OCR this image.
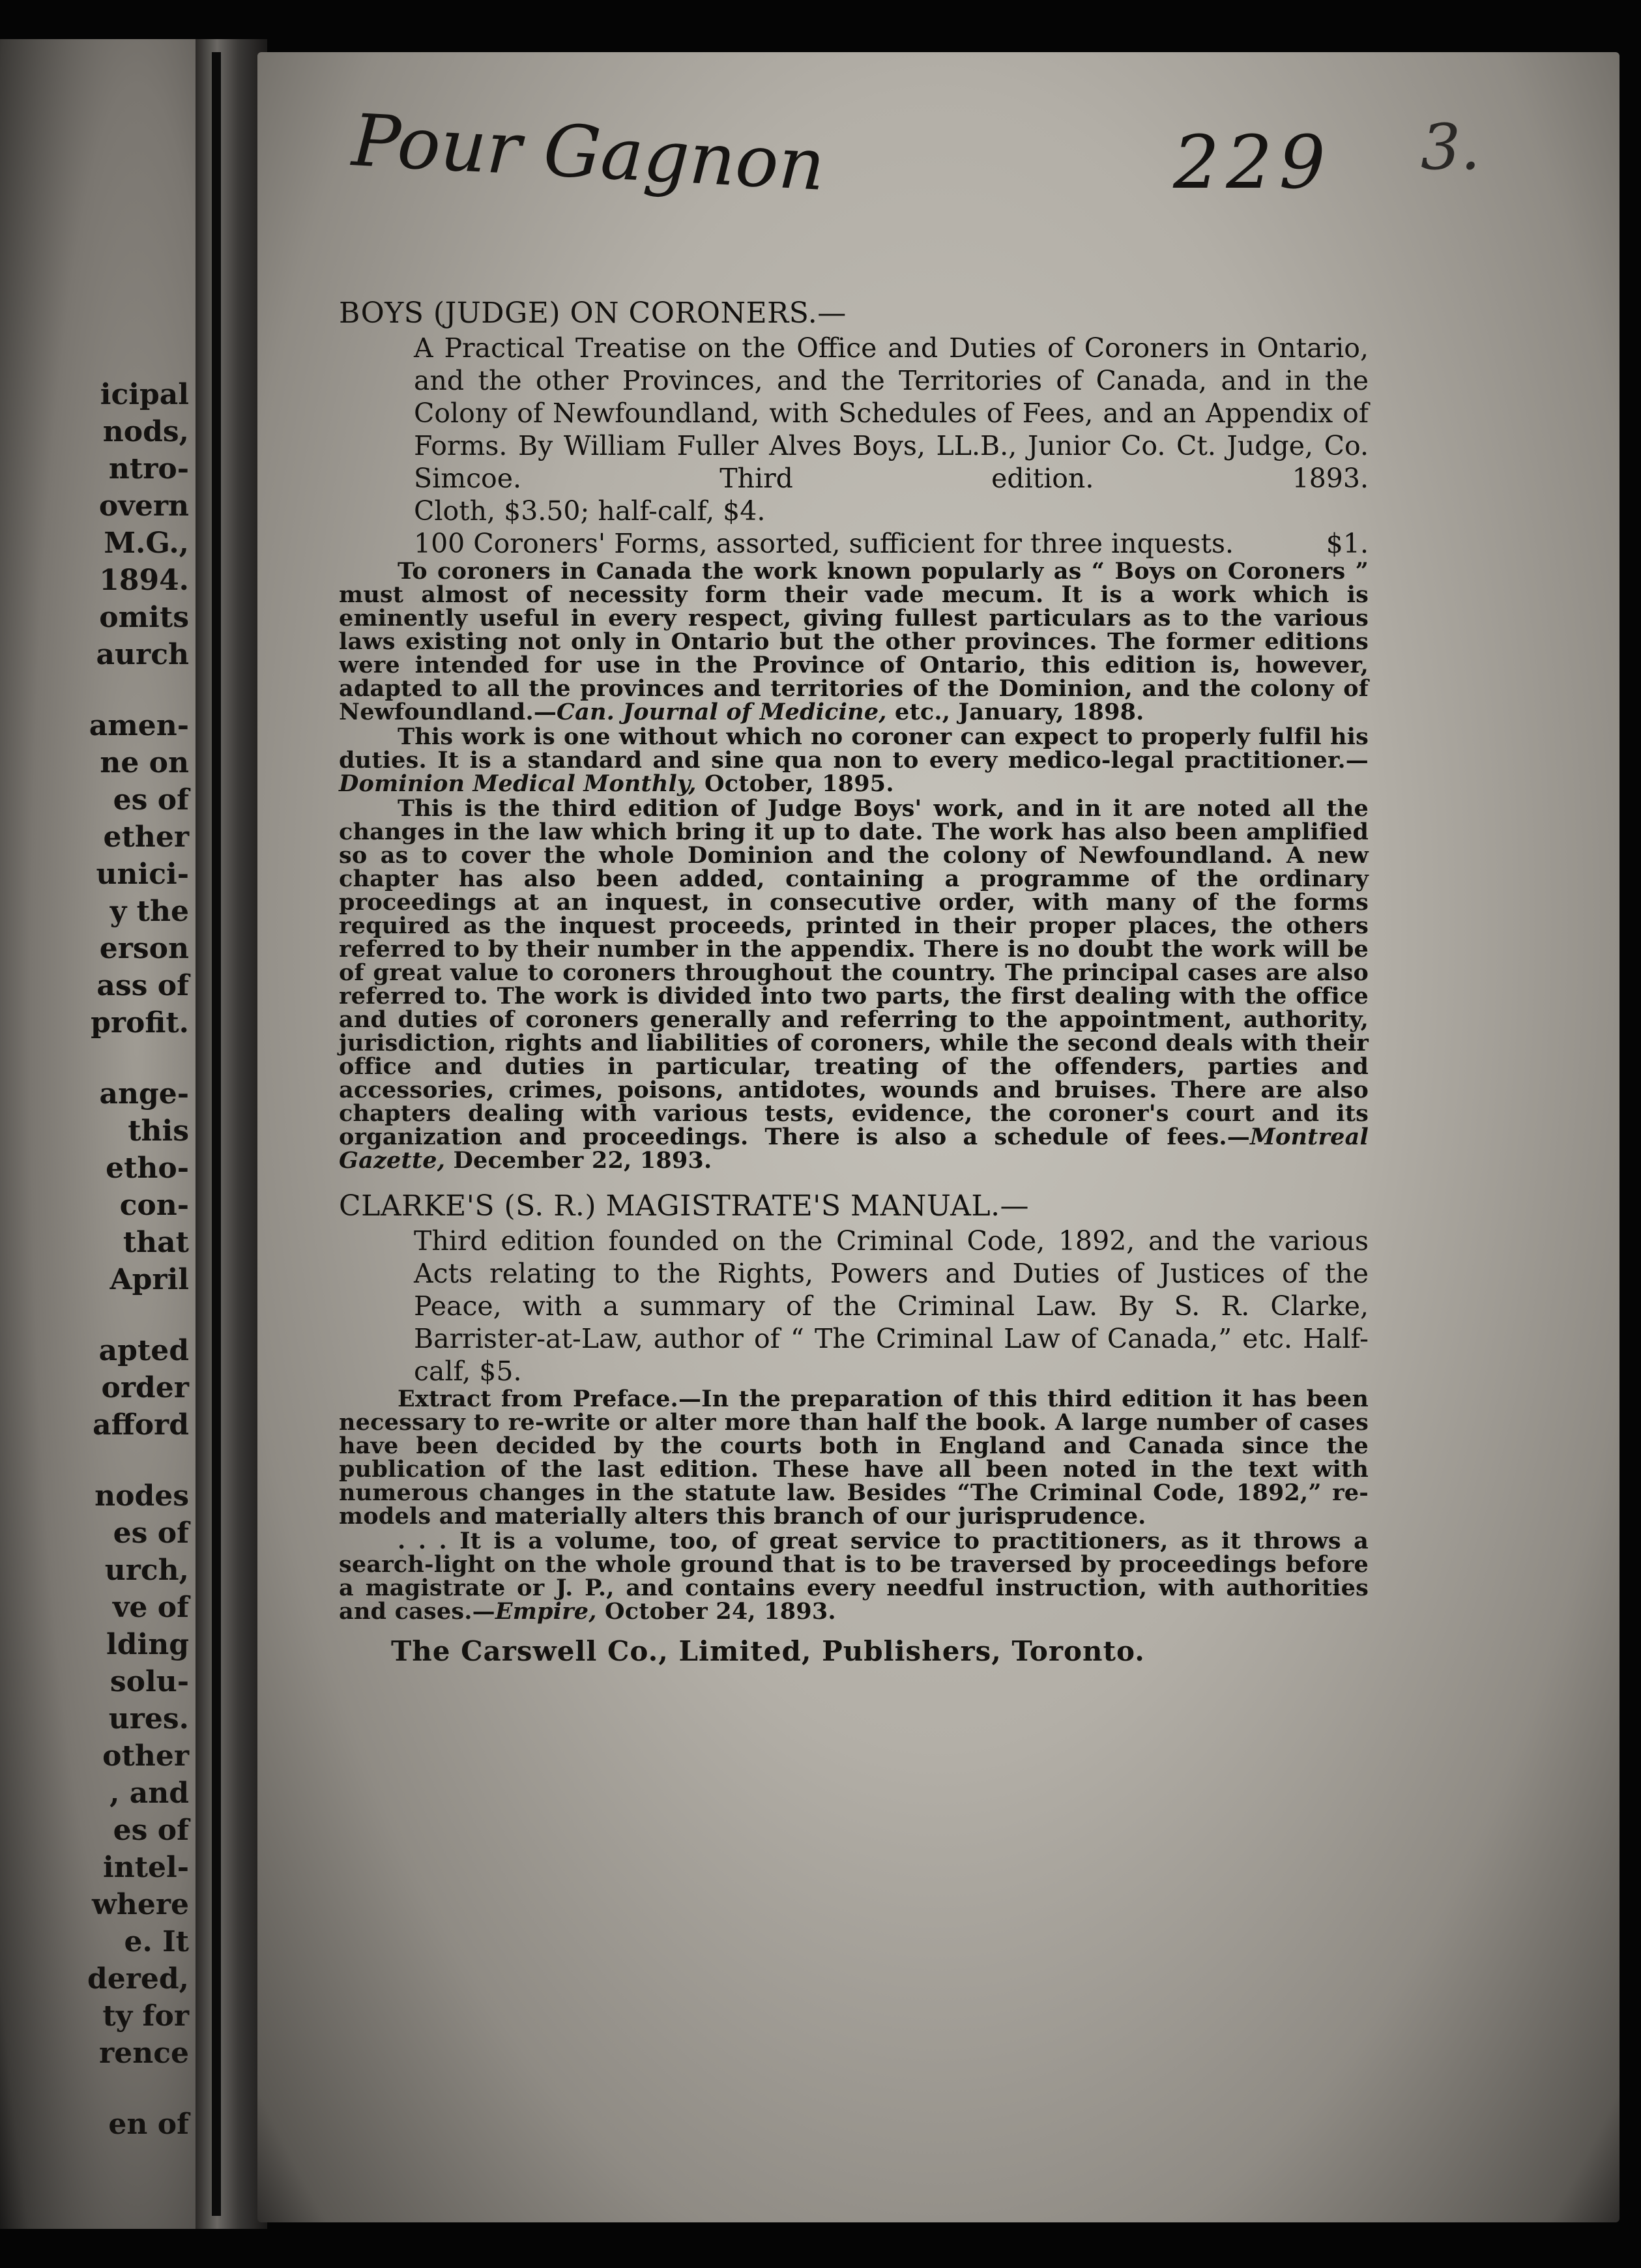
icipal
nods,
ntro-
overn
M.G.,
1894.
omits
aurch
amen-
ne on
es of
ether
unici-
y the
erson
ass of
profit.
ange-
this
etho-
con-
that
April
apted
order
afford
nodes
es of
urch,
ve of
lding
solu-
ures.
other
, and
es of
intel-
where
e. It
dered,
ty for
rence
en of
Pour Gagnon	229 3.
BOYS (JUDGE) ON CORONERS.—

A Practical Treatise on the Office and Duties of Coroners in Ontario, and the other Provinces, and the Territories of Canada, and in the Colony of Newfoundland, with Schedules of Fees, and an Appendix of Forms. By William Fuller Alves Boys, LL.B., Junior Co. Ct. Judge, Co. Simcoe. Third edition. 1893.

Cloth, $3.50; half-calf, $4.

100 Coroners' Forms, assorted, sufficient for three inquests.	$1.

To coroners in Canada the work known popularly as “ Boys on Coroners ” must almost of necessity form their vade mecum. It is a work which is eminently useful in every respect, giving fullest particulars as to the various laws existing not only in Ontario but the other provinces. The former editions were intended for use in the Province of Ontario, this edition is, however, adapted to all the provinces and territories of the Dominion, and the colony of Newfoundland.—Can. Journal of Medicine, etc., January, 1898.

This work is one without which no coroner can expect to properly fulfil his duties. It is a standard and sine qua non to every medico-legal practitioner.—Dominion Medical Monthly, October, 1895.

This is the third edition of Judge Boys' work, and in it are noted all the changes in the law which bring it up to date. The work has also been amplified so as to cover the whole Dominion and the colony of Newfoundland. A new chapter has also been added, containing a programme of the ordinary proceedings at an inquest, in consecutive order, with many of the forms required as the inquest proceeds, printed in their proper places, the others referred to by their number in the appendix. There is no doubt the work will be of great value to coroners throughout the country. The principal cases are also referred to. The work is divided into two parts, the first dealing with the office and duties of coroners generally and referring to the appointment, authority, jurisdiction, rights and liabilities of coroners, while the second deals with their office and duties in particular, treating of the offenders, parties and accessories, crimes, poisons, antidotes, wounds and bruises. There are also chapters dealing with various tests, evidence, the coroner's court and its organization and proceedings. There is also a schedule of fees.—Montreal Gazette, December 22, 1893.

CLARKE'S (S. R.) MAGISTRATE'S MANUAL.—

Third edition founded on the Criminal Code, 1892, and the various Acts relating to the Rights, Powers and Duties of Justices of the Peace, with a summary of the Criminal Law. By S. R. Clarke, Barrister-at-Law, author of “ The Criminal Law of Canada,” etc. Half-calf, $5.

Extract from Preface.—In the preparation of this third edition it has been necessary to re-write or alter more than half the book. A large number of cases have been decided by the courts both in England and Canada since the publication of the last edition. These have all been noted in the text with numerous changes in the statute law. Besides “The Criminal Code, 1892,” re-models and materially alters this branch of our jurisprudence.

. . . It is a volume, too, of great service to practitioners, as it throws a search-light on the whole ground that is to be traversed by proceedings before a magistrate or J. P., and contains every needful instruction, with authorities and cases.—Empire, October 24, 1893.

The Carswell Co., Limited, Publishers, Toronto.
